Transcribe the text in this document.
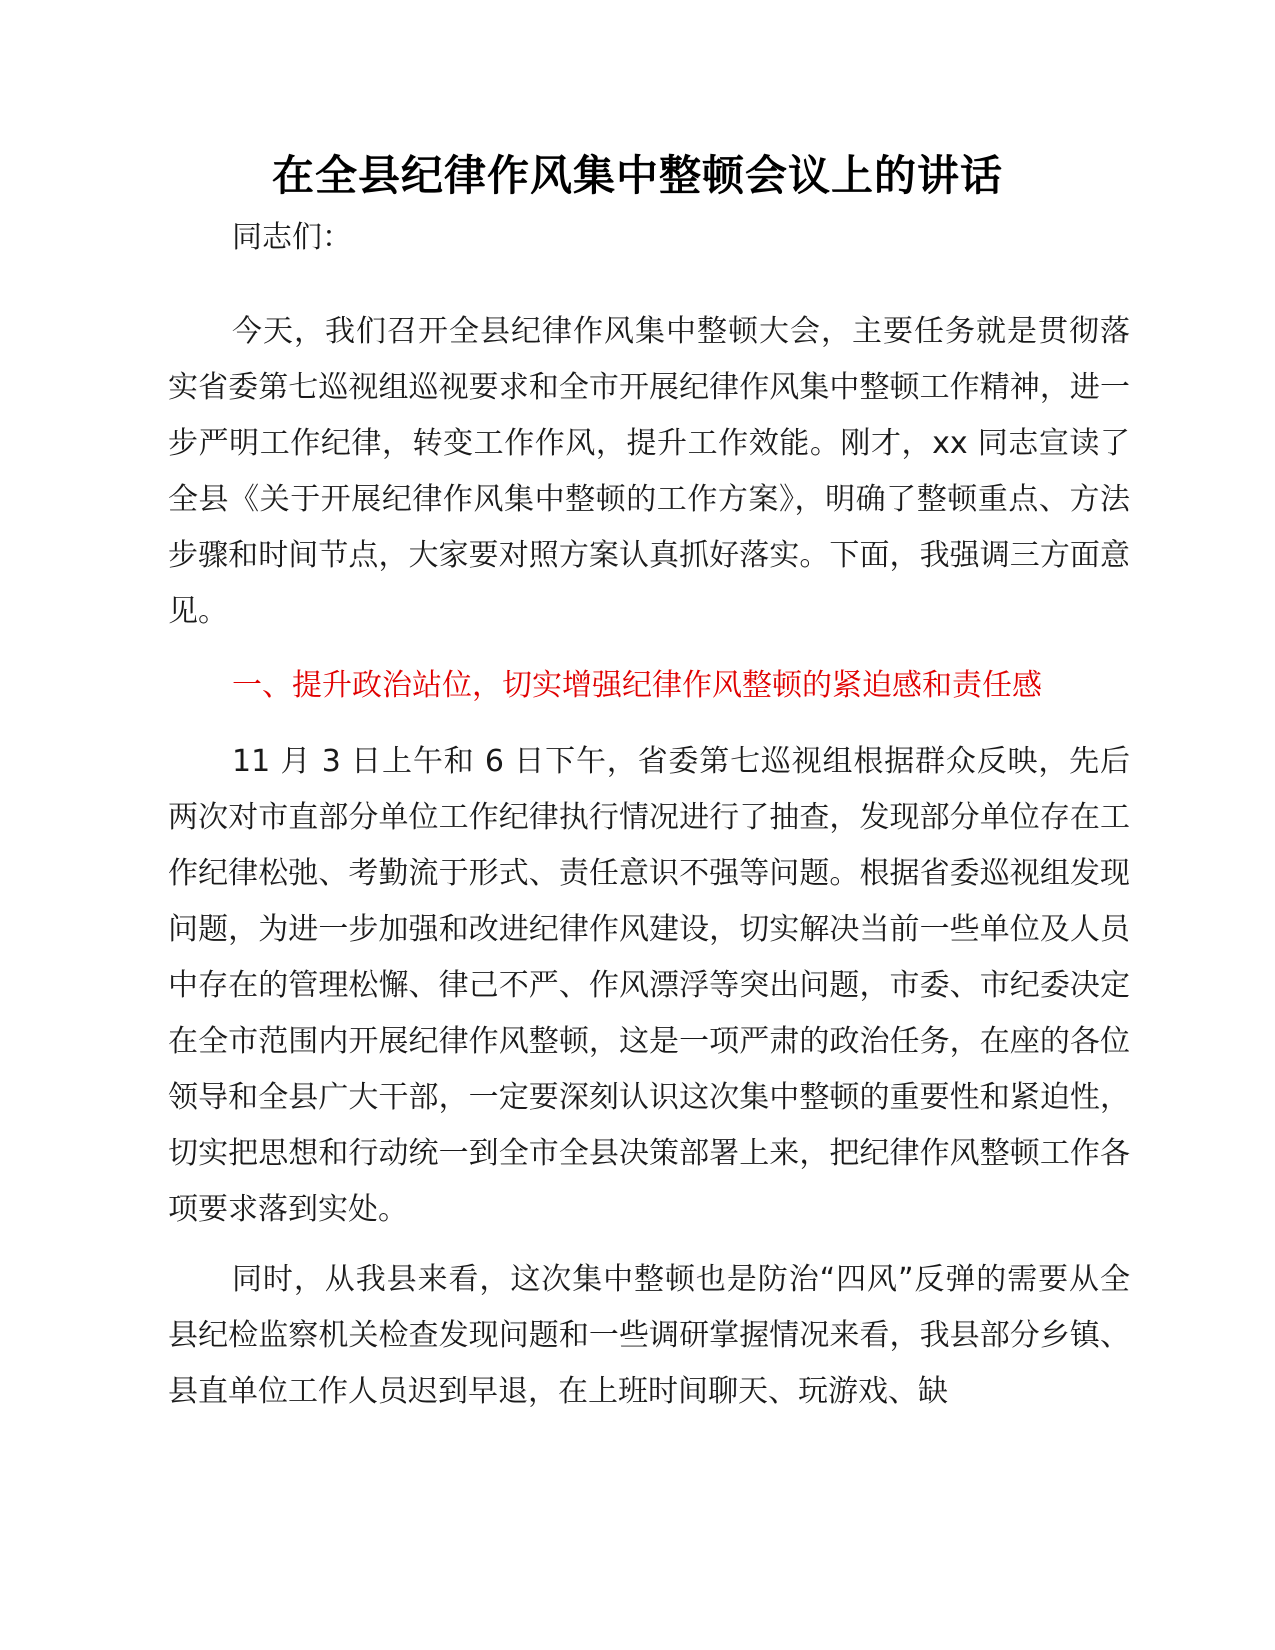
在全县纪律作风集中整顿会议上的讲话

同志们：

今天，我们召开全县纪律作风集中整顿大会，主要任务就是贯彻落实省委第七巡视组巡视要求和全市开展纪律作风集中整顿工作精神，进一步严明工作纪律，转变工作作风，提升工作效能。刚才，xx 同志宣读了全县《关于开展纪律作风集中整顿的工作方案》，明确了整顿重点、方法步骤和时间节点，大家要对照方案认真抓好落实。下面，我强调三方面意见。

一、提升政治站位，切实增强纪律作风整顿的紧迫感和责任感

11 月 3 日上午和 6 日下午，省委第七巡视组根据群众反映，先后两次对市直部分单位工作纪律执行情况进行了抽查，发现部分单位存在工作纪律松弛、考勤流于形式、责任意识不强等问题。根据省委巡视组发现问题，为进一步加强和改进纪律作风建设，切实解决当前一些单位及人员中存在的管理松懈、律己不严、作风漂浮等突出问题，市委、市纪委决定在全市范围内开展纪律作风整顿，这是一项严肃的政治任务，在座的各位领导和全县广大干部，一定要深刻认识这次集中整顿的重要性和紧迫性，切实把思想和行动统一到全市全县决策部署上来，把纪律作风整顿工作各项要求落到实处。

同时，从我县来看，这次集中整顿也是防治“四风”反弹的需要从全县纪检监察机关检查发现问题和一些调研掌握情况来看，我县部分乡镇、县直单位工作人员迟到早退，在上班时间聊天、玩游戏、缺
